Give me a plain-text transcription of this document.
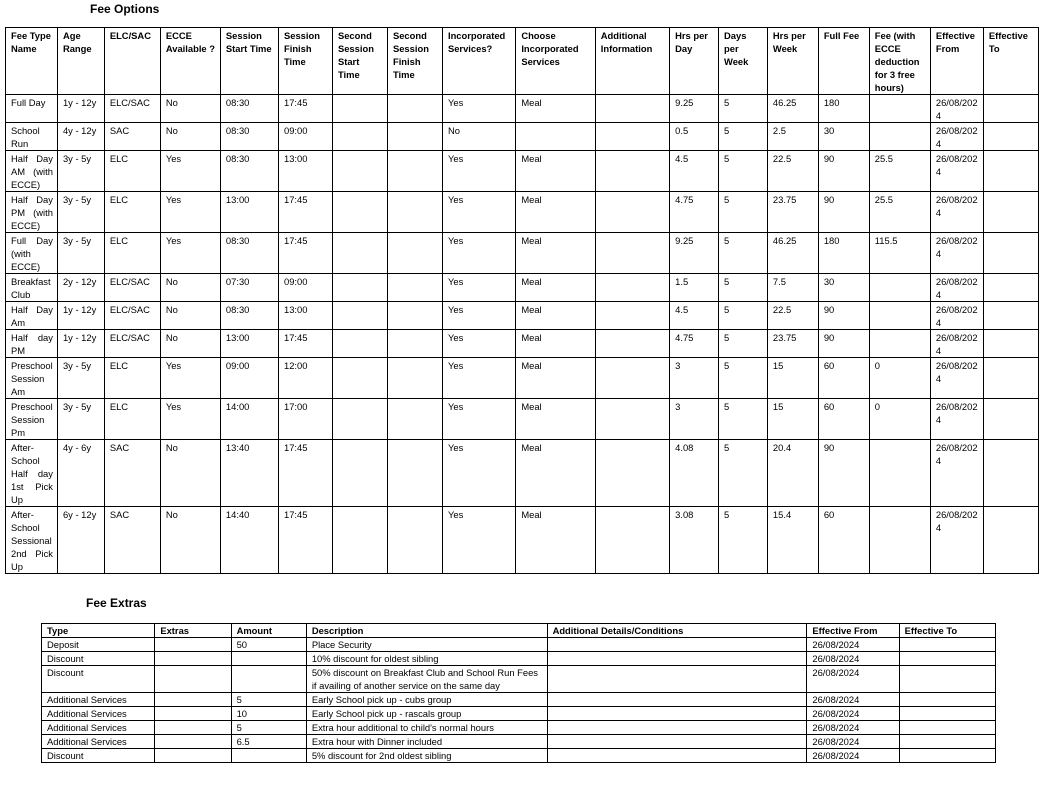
Fee Options
Fee Type Name	Age Range	ELC/SAC	ECCE Available ?	Session Start Time	Session Finish Time	Second Session Start Time	Second Session Finish Time	Incorporated Services?	Choose Incorporated Services	Additional Information	Hrs per Day	Days per Week	Hrs per Week	Full Fee	Fee (with ECCE deduction for 3 free hours)	Effective From	Effective To
Full Day	1y - 12y	ELC/SAC	No	08:30	17:45			Yes	Meal		9.25	5	46.25	180		26/08/2024	
School Run	4y - 12y	SAC	No	08:30	09:00			No			0.5	5	2.5	30		26/08/2024	
Half Day AM (with ECCE)	3y - 5y	ELC	Yes	08:30	13:00			Yes	Meal		4.5	5	22.5	90	25.5	26/08/2024	
Half Day PM (with ECCE)	3y - 5y	ELC	Yes	13:00	17:45			Yes	Meal		4.75	5	23.75	90	25.5	26/08/2024	
Full Day (with ECCE)	3y - 5y	ELC	Yes	08:30	17:45			Yes	Meal		9.25	5	46.25	180	115.5	26/08/2024	
Breakfast Club	2y - 12y	ELC/SAC	No	07:30	09:00			Yes	Meal		1.5	5	7.5	30		26/08/2024	
Half Day Am	1y - 12y	ELC/SAC	No	08:30	13:00			Yes	Meal		4.5	5	22.5	90		26/08/2024	
Half day PM	1y - 12y	ELC/SAC	No	13:00	17:45			Yes	Meal		4.75	5	23.75	90		26/08/2024	
Preschool Session Am	3y - 5y	ELC	Yes	09:00	12:00			Yes	Meal		3	5	15	60	0	26/08/2024	
Preschool Session Pm	3y - 5y	ELC	Yes	14:00	17:00			Yes	Meal		3	5	15	60	0	26/08/2024	
After-School Half day 1st Pick Up	4y - 6y	SAC	No	13:40	17:45			Yes	Meal		4.08	5	20.4	90		26/08/2024	
After-School Sessional 2nd Pick Up	6y - 12y	SAC	No	14:40	17:45			Yes	Meal		3.08	5	15.4	60		26/08/2024	
Fee Extras
Type	Extras	Amount	Description	Additional Details/Conditions	Effective From	Effective To
Deposit		50	Place Security		26/08/2024	
Discount			10% discount for oldest sibling		26/08/2024	
Discount			50% discount on Breakfast Club and School Run Fees if availing of another service on the same day		26/08/2024	
Additional Services		5	Early School pick up - cubs group		26/08/2024	
Additional Services		10	Early School pick up - rascals group		26/08/2024	
Additional Services		5	Extra hour additional to child's normal hours		26/08/2024	
Additional Services		6.5	Extra hour with Dinner included		26/08/2024	
Discount			5% discount for 2nd oldest sibling		26/08/2024	
